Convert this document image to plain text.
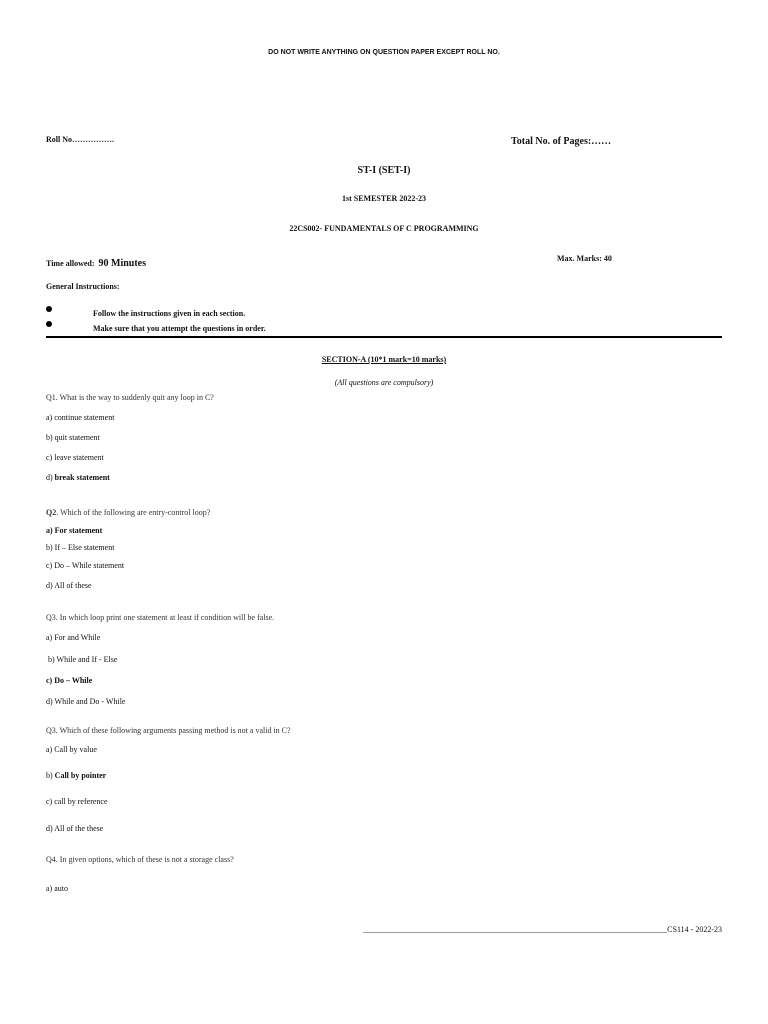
DO NOT WRITE ANYTHING ON QUESTION PAPER EXCEPT ROLL NO.
Roll No…………….	Total No. of Pages:……
ST-I (SET-I)
1st SEMESTER 2022-23
22CS002- FUNDAMENTALS OF C PROGRAMMING
Time allowed: 90 Minutes	Max. Marks: 40
General Instructions:
Follow the instructions given in each section.
Make sure that you attempt the questions in order.
SECTION-A (10*1 mark=10 marks)
(All questions are compulsory)
Q1. What is the way to suddenly quit any loop in C?
a) continue statement
b) quit statement
c) leave statement
d) break statement
Q2. Which of the following are entry-control loop?
a) For statement
b) If – Else statement
c) Do – While statement
d) All of these
Q3. In which loop print one statement at least if condition will be false.
a) For and While
b) While and If - Else
c) Do – While
d) While and Do - While
Q3. Which of these following arguments passing method is not a valid in C?
a) Call by value
b) Call by pointer
c) call by reference
d) All of the these
Q4. In given options, which of these is not a storage class?
a) auto
____________________________________________________________________________CS114 - 2022-23
